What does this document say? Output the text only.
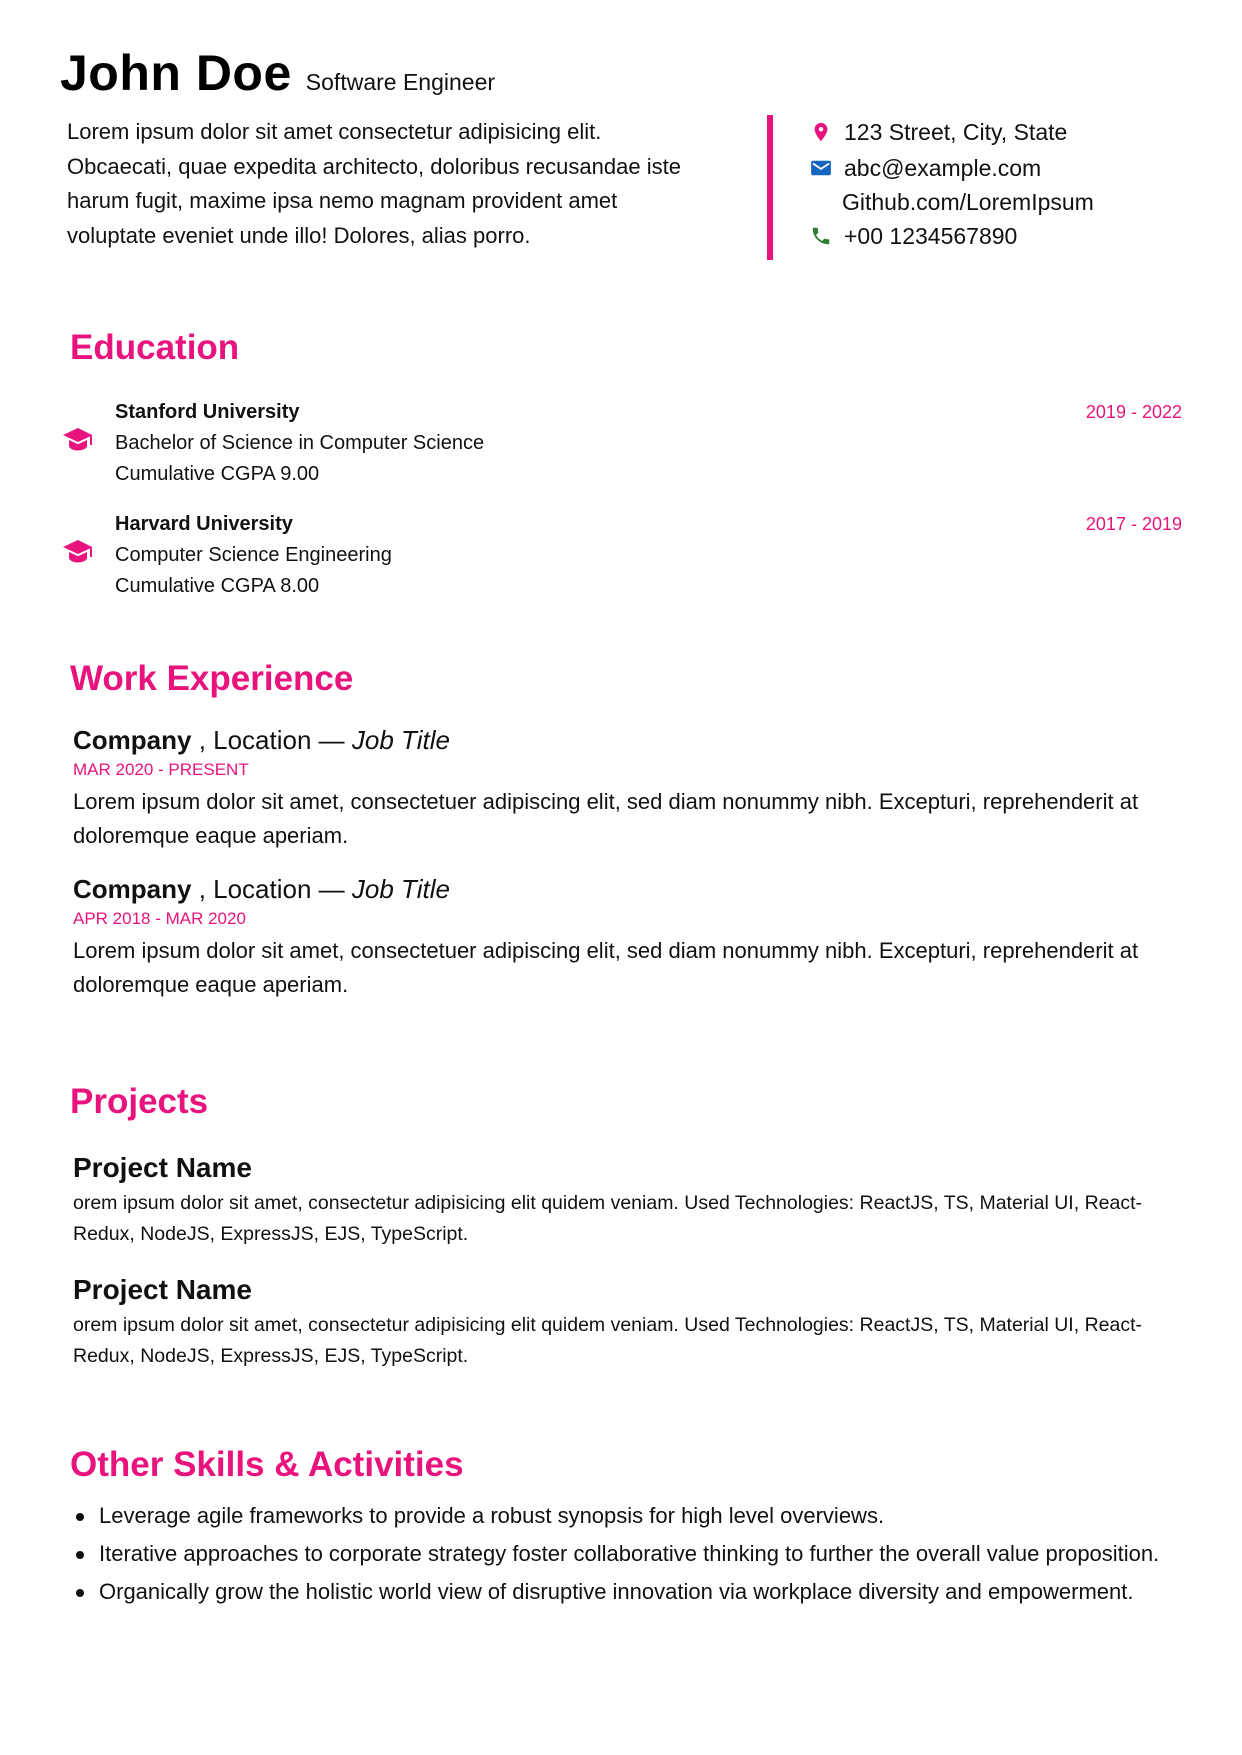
John Doe Software Engineer

Lorem ipsum dolor sit amet consectetur adipisicing elit. Obcaecati, quae expedita architecto, doloribus recusandae iste harum fugit, maxime ipsa nemo magnam provident amet voluptate eveniet unde illo! Dolores, alias porro.

123 Street, City, State
abc@example.com
Github.com/LoremIpsum
+00 1234567890
Education
Stanford University
Bachelor of Science in Computer Science
Cumulative CGPA 9.00
2019 - 2022
Harvard University
Computer Science Engineering
Cumulative CGPA 8.00
2017 - 2019
Work Experience
Company , Location — Job Title
MAR 2020 - PRESENT
Lorem ipsum dolor sit amet, consectetuer adipiscing elit, sed diam nonummy nibh. Excepturi, reprehenderit at doloremque eaque aperiam.
Company , Location — Job Title
APR 2018 - MAR 2020
Lorem ipsum dolor sit amet, consectetuer adipiscing elit, sed diam nonummy nibh. Excepturi, reprehenderit at doloremque eaque aperiam.
Projects
Project Name
orem ipsum dolor sit amet, consectetur adipisicing elit quidem veniam. Used Technologies: ReactJS, TS, Material UI, React-Redux, NodeJS, ExpressJS, EJS, TypeScript.
Project Name
orem ipsum dolor sit amet, consectetur adipisicing elit quidem veniam. Used Technologies: ReactJS, TS, Material UI, React-Redux, NodeJS, ExpressJS, EJS, TypeScript.
Other Skills & Activities
Leverage agile frameworks to provide a robust synopsis for high level overviews.
Iterative approaches to corporate strategy foster collaborative thinking to further the overall value proposition.
Organically grow the holistic world view of disruptive innovation via workplace diversity and empowerment.
